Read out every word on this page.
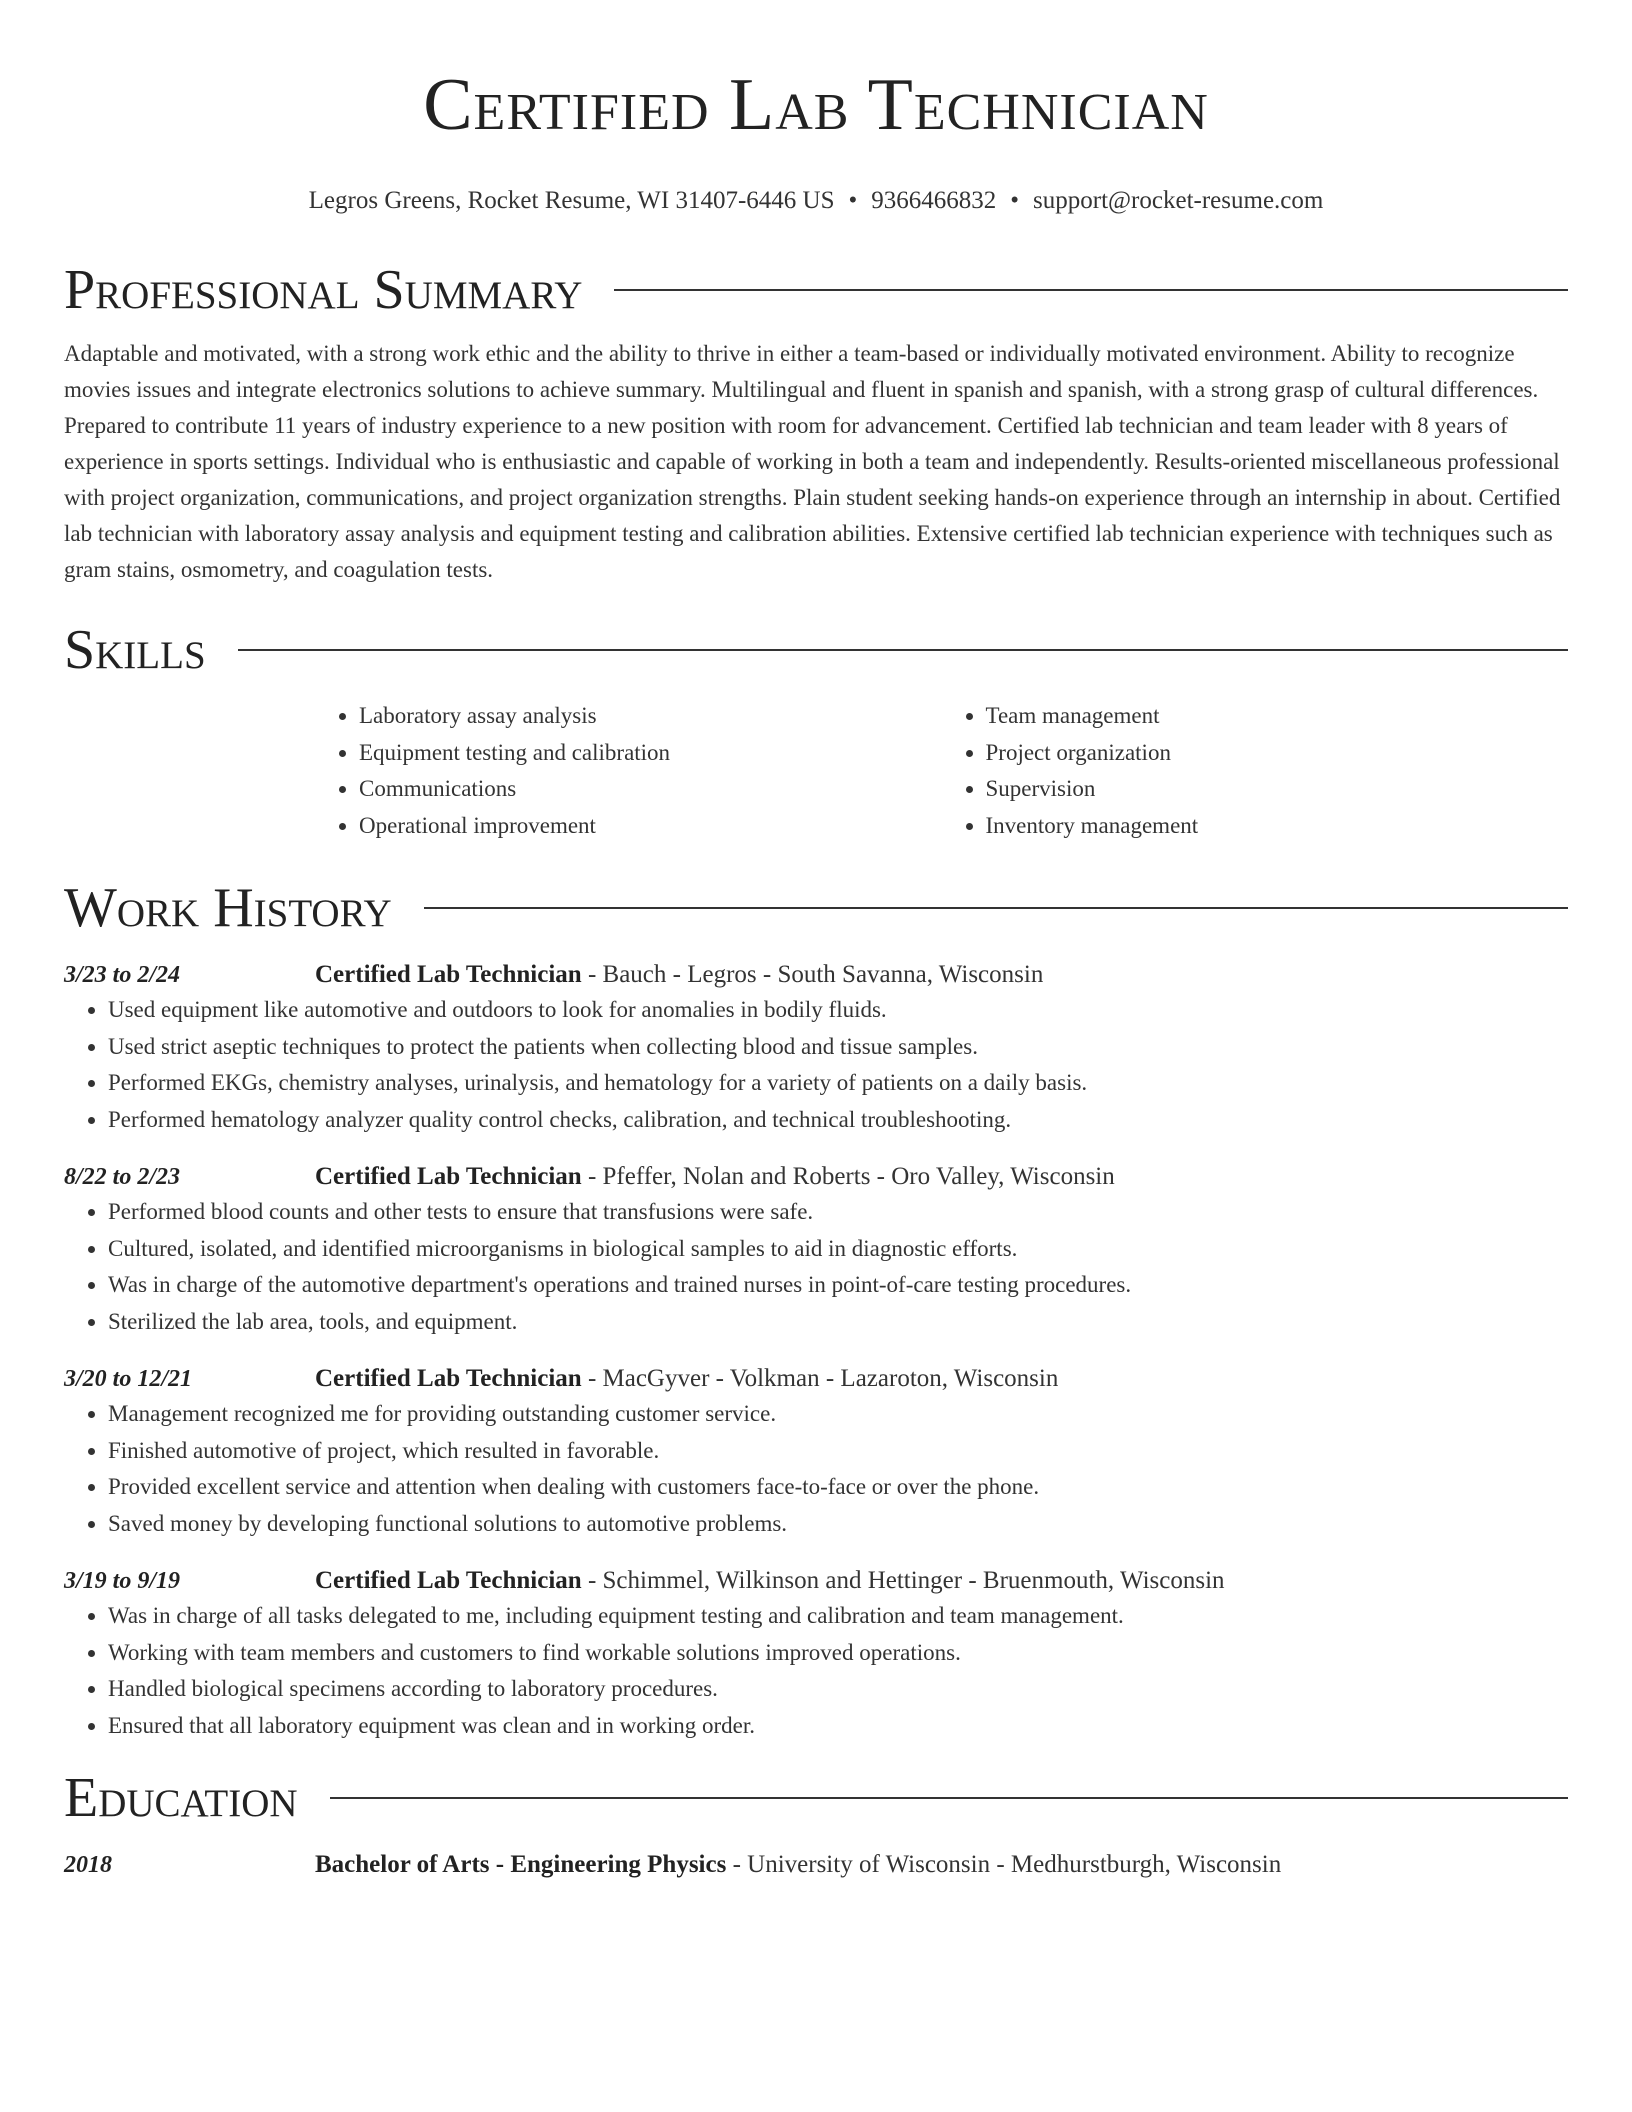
Certified Lab Technician
Legros Greens, Rocket Resume, WI 31407-6446 US • 9366466832 • support@rocket-resume.com
Professional Summary

Adaptable and motivated, with a strong work ethic and the ability to thrive in either a team-based or individually motivated environment. Ability to recognize movies issues and integrate electronics solutions to achieve summary. Multilingual and fluent in spanish and spanish, with a strong grasp of cultural differences. Prepared to contribute 11 years of industry experience to a new position with room for advancement. Certified lab technician and team leader with 8 years of experience in sports settings. Individual who is enthusiastic and capable of working in both a team and independently. Results-oriented miscellaneous professional with project organization, communications, and project organization strengths. Plain student seeking hands-on experience through an internship in about. Certified lab technician with laboratory assay analysis and equipment testing and calibration abilities. Extensive certified lab technician experience with techniques such as gram stains, osmometry, and coagulation tests.

Skills
• Laboratory assay analysis
• Equipment testing and calibration
• Communications
• Operational improvement
• Team management
• Project organization
• Supervision
• Inventory management
Work History
3/23 to 2/24	Certified Lab Technician - Bauch - Legros - South Savanna, Wisconsin
• Used equipment like automotive and outdoors to look for anomalies in bodily fluids.
• Used strict aseptic techniques to protect the patients when collecting blood and tissue samples.
• Performed EKGs, chemistry analyses, urinalysis, and hematology for a variety of patients on a daily basis.
• Performed hematology analyzer quality control checks, calibration, and technical troubleshooting.
8/22 to 2/23	Certified Lab Technician - Pfeffer, Nolan and Roberts - Oro Valley, Wisconsin
• Performed blood counts and other tests to ensure that transfusions were safe.
• Cultured, isolated, and identified microorganisms in biological samples to aid in diagnostic efforts.
• Was in charge of the automotive department's operations and trained nurses in point-of-care testing procedures.
• Sterilized the lab area, tools, and equipment.
3/20 to 12/21	Certified Lab Technician - MacGyver - Volkman - Lazaroton, Wisconsin
• Management recognized me for providing outstanding customer service.
• Finished automotive of project, which resulted in favorable.
• Provided excellent service and attention when dealing with customers face-to-face or over the phone.
• Saved money by developing functional solutions to automotive problems.
3/19 to 9/19	Certified Lab Technician - Schimmel, Wilkinson and Hettinger - Bruenmouth, Wisconsin
• Was in charge of all tasks delegated to me, including equipment testing and calibration and team management.
• Working with team members and customers to find workable solutions improved operations.
• Handled biological specimens according to laboratory procedures.
• Ensured that all laboratory equipment was clean and in working order.
Education
2018	Bachelor of Arts - Engineering Physics - University of Wisconsin - Medhurstburgh, Wisconsin
